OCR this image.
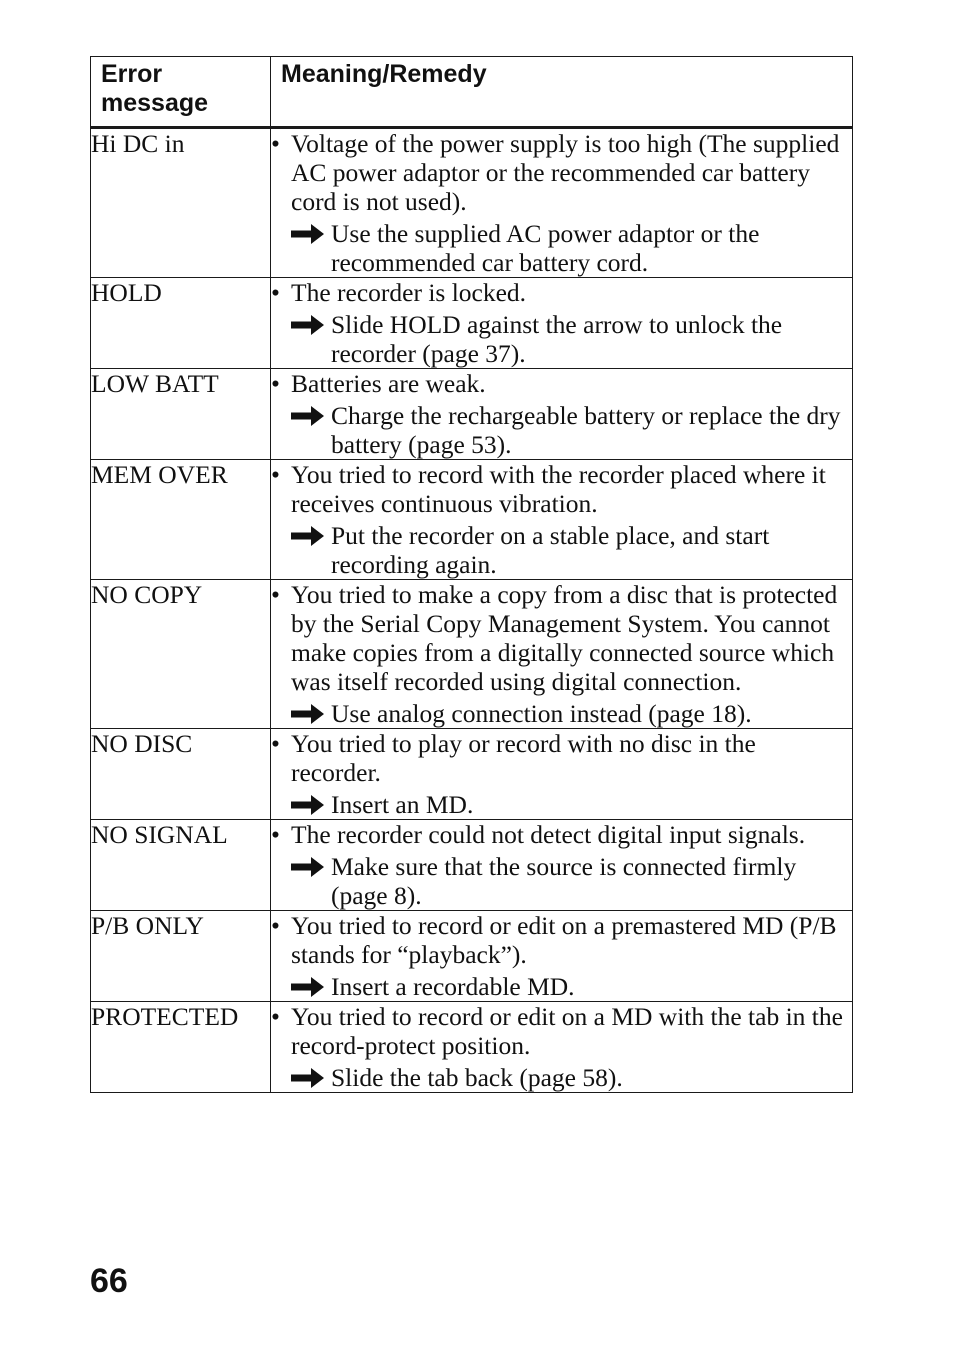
Error message	Meaning/Remedy
Hi DC in	• Voltage of the power supply is too high (The supplied AC power adaptor or the recommended car battery cord is not used).
Use the supplied AC power adaptor or the recommended car battery cord.

HOLD	• The recorder is locked.
Slide HOLD against the arrow to unlock the recorder (page 37).

LOW BATT	• Batteries are weak.
Charge the rechargeable battery or replace the dry battery (page 53).

MEM OVER	• You tried to record with the recorder placed where it receives continuous vibration.
Put the recorder on a stable place, and start recording again.

NO COPY	• You tried to make a copy from a disc that is protected by the Serial Copy Management System. You cannot make copies from a digitally connected source which was itself recorded using digital connection.
Use analog connection instead (page 18).

NO DISC	• You tried to play or record with no disc in the recorder.
Insert an MD.

NO SIGNAL	• The recorder could not detect digital input signals.
Make sure that the source is connected firmly (page 8).

P/B ONLY	• You tried to record or edit on a premastered MD (P/B stands for “playback”).
Insert a recordable MD.

PROTECTED	• You tried to record or edit on a MD with the tab in the record-protect position.
Slide the tab back (page 58).
66
